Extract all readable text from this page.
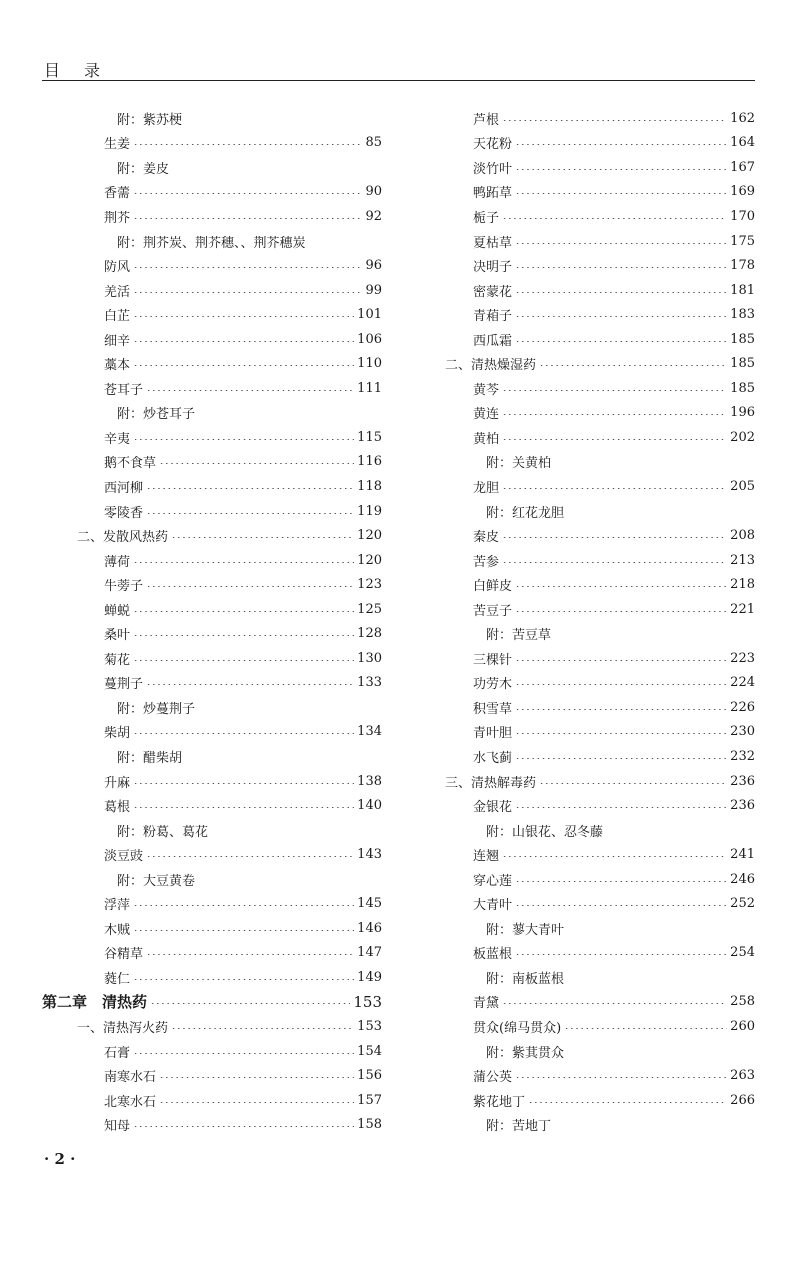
目录
附：紫苏梗
生姜	85
附：姜皮
香薷	90
荆芥	92
附：荆芥炭、荆芥穗、、荆芥穗炭
防风	96
羌活	99
白芷	101
细辛	106
藁本	110
苍耳子	111
附：炒苍耳子
辛夷	115
鹅不食草	116
西河柳	118
零陵香	119
二、发散风热药	120
薄荷	120
牛蒡子	123
蝉蜕	125
桑叶	128
菊花	130
蔓荆子	133
附：炒蔓荆子
柴胡	134
附：醋柴胡
升麻	138
葛根	140
附：粉葛、葛花
淡豆豉	143
附：大豆黄卷
浮萍	145
木贼	146
谷精草	147
蕤仁	149
第二章　清热药	153
一、清热泻火药	153
石膏	154
南寒水石	156
北寒水石	157
知母	158
芦根	162
天花粉	164
淡竹叶	167
鸭跖草	169
栀子	170
夏枯草	175
决明子	178
密蒙花	181
青葙子	183
西瓜霜	185
二、清热燥湿药	185
黄芩	185
黄连	196
黄柏	202
附：关黄柏
龙胆	205
附：红花龙胆
秦皮	208
苦参	213
白鲜皮	218
苦豆子	221
附：苦豆草
三棵针	223
功劳木	224
积雪草	226
青叶胆	230
水飞蓟	232
三、清热解毒药	236
金银花	236
附：山银花、忍冬藤
连翘	241
穿心莲	246
大青叶	252
附：蓼大青叶
板蓝根	254
附：南板蓝根
青黛	258
贯众(绵马贯众)	260
附：紫萁贯众
蒲公英	263
紫花地丁	266
附：苦地丁
· 2 ·
